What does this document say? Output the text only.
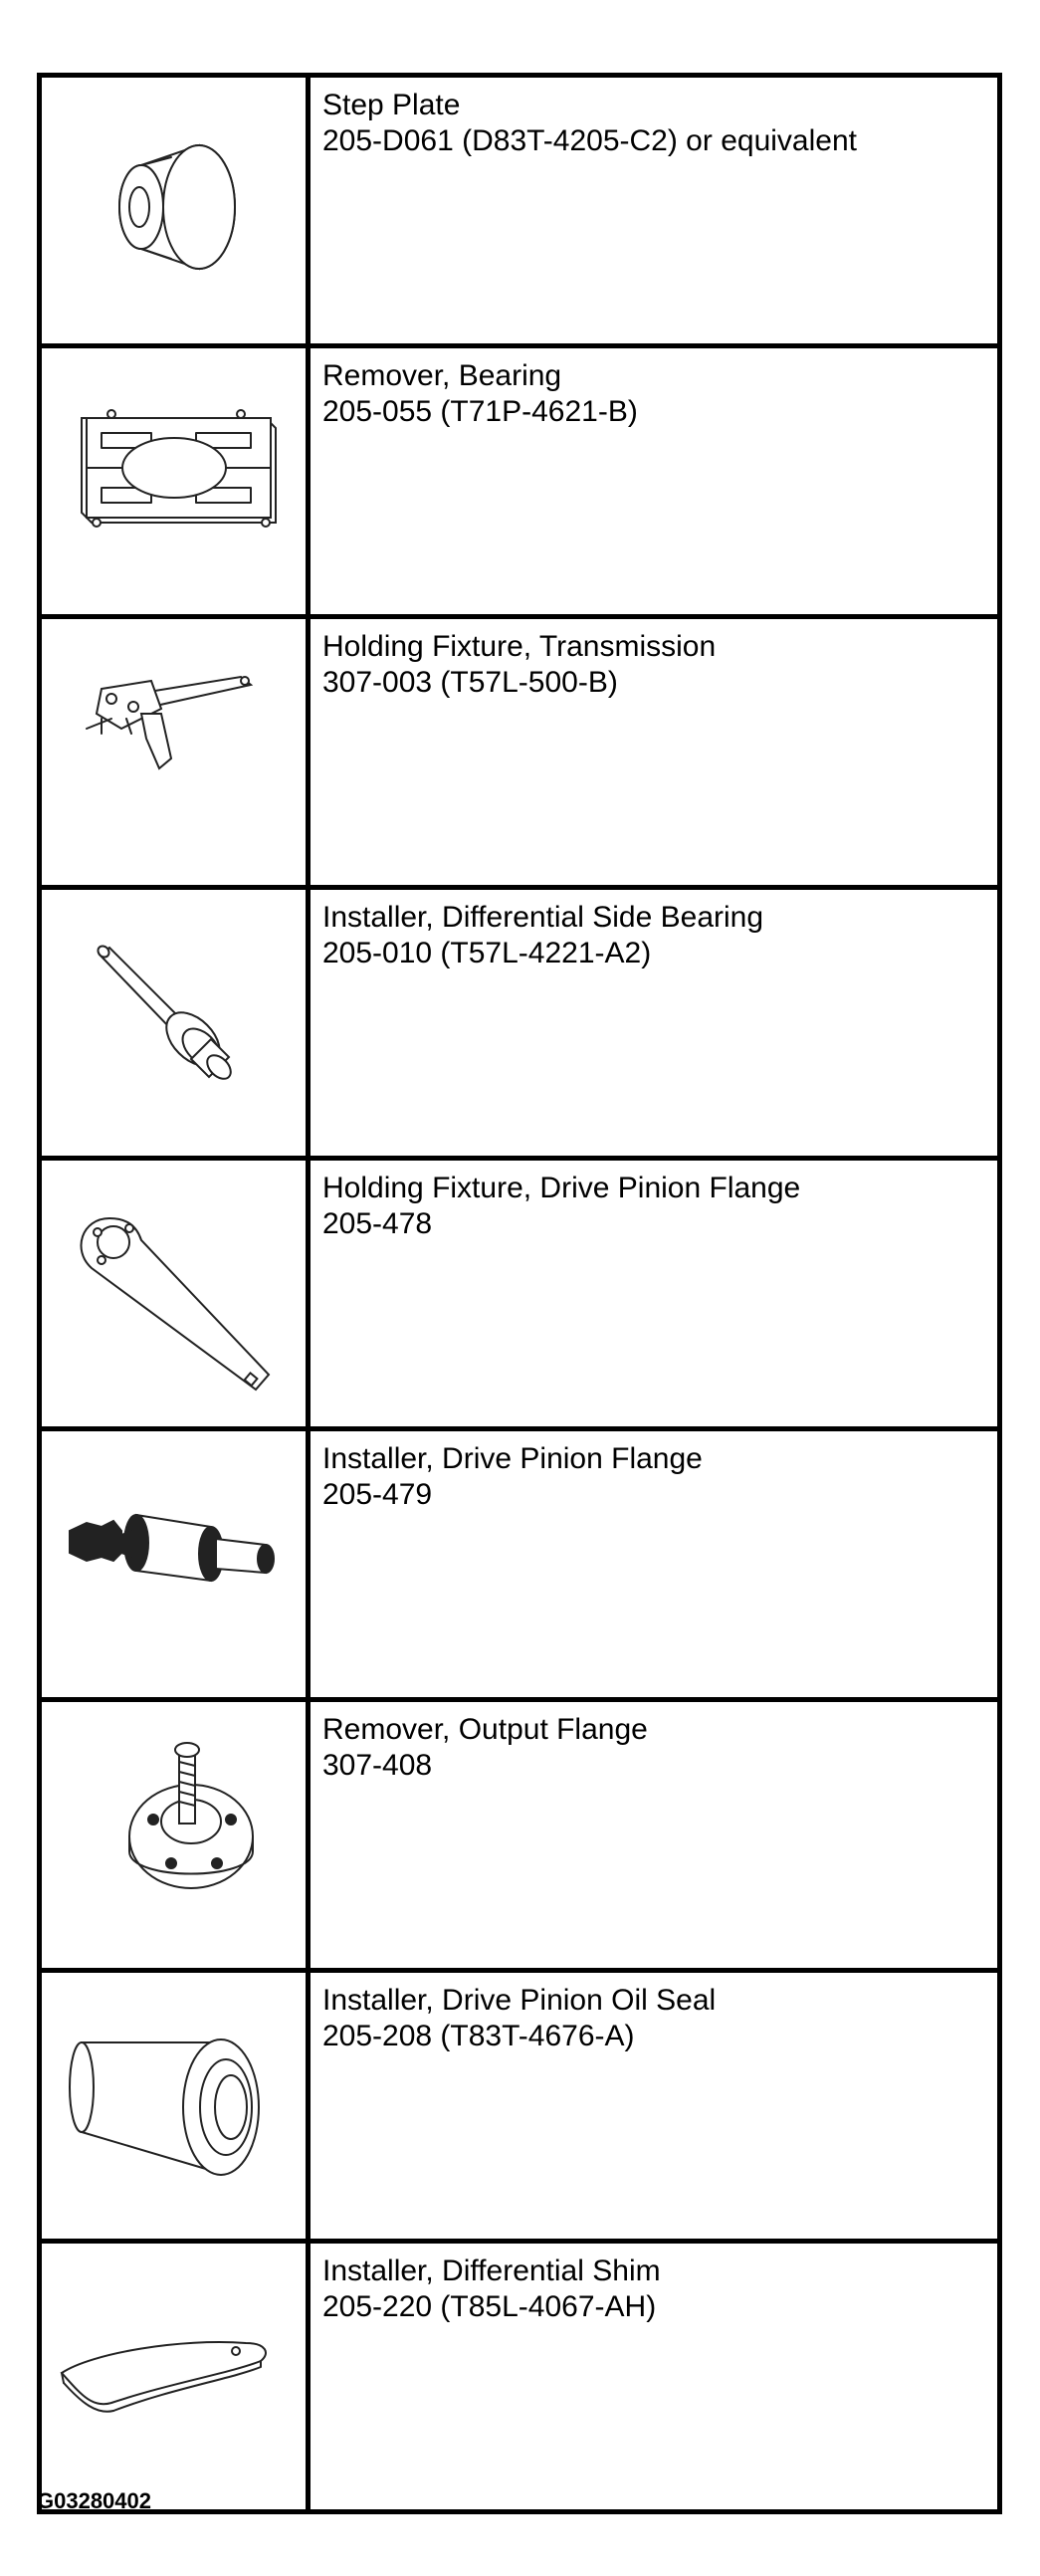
Step Plate
205-D061 (D83T-4205-C2) or equivalent

Remover, Bearing
205-055 (T71P-4621-B)

Holding Fixture, Transmission
307-003 (T57L-500-B)

Installer, Differential Side Bearing
205-010 (T57L-4221-A2)

Holding Fixture, Drive Pinion Flange
205-478

Installer, Drive Pinion Flange
205-479

Remover, Output Flange
307-408

Installer, Drive Pinion Oil Seal
205-208 (T83T-4676-A)

Installer, Differential Shim
205-220 (T85L-4067-AH)
G03280402
